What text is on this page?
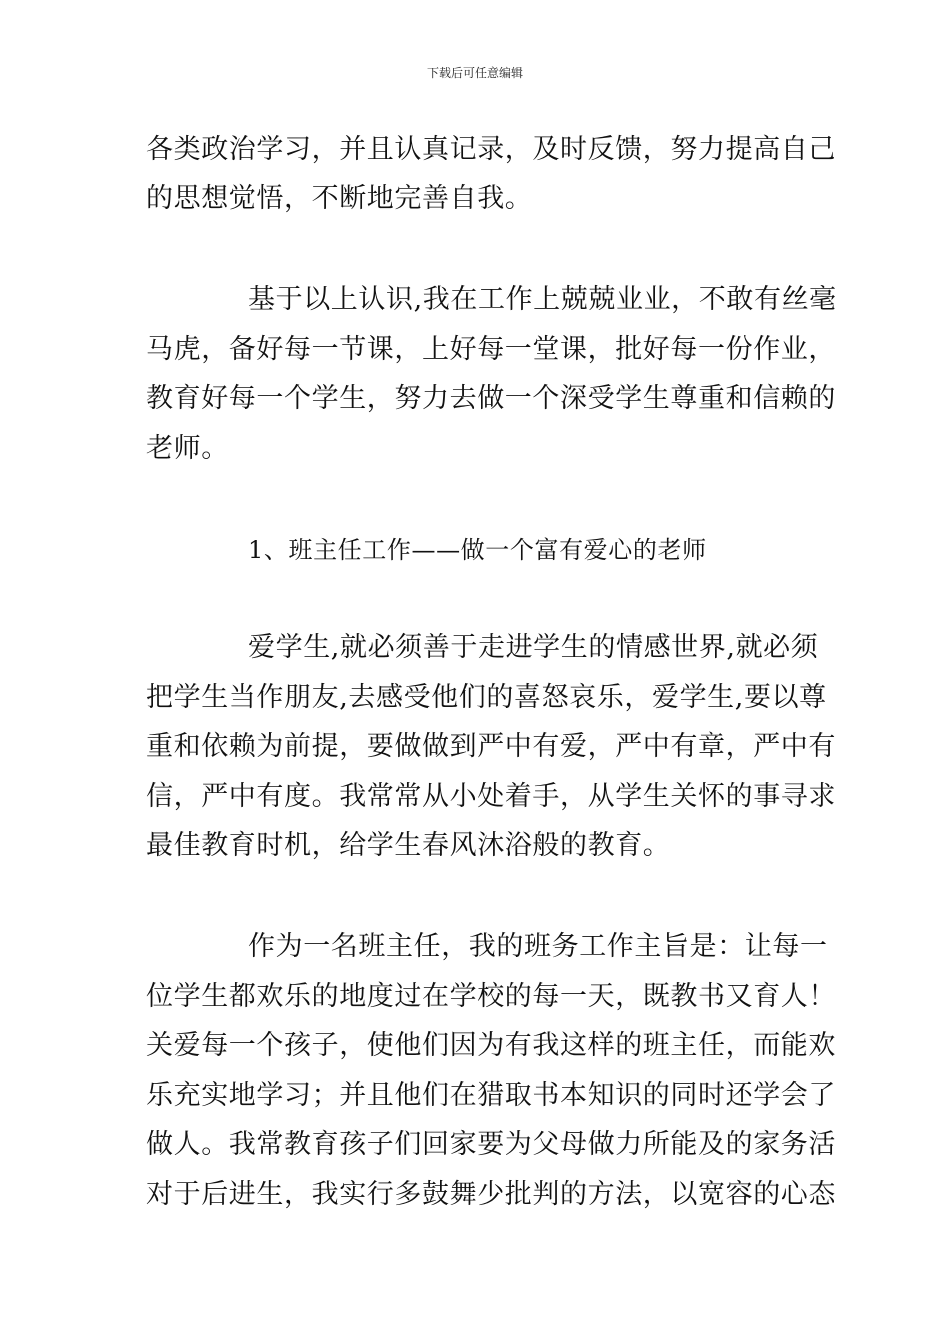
下载后可任意编辑
各类政治学习，并且认真记录，及时反馈，努力提高自己
的思想觉悟，不断地完善自我。
基于以上认识,我在工作上兢兢业业，不敢有丝毫
马虎，备好每一节课，上好每一堂课，批好每一份作业，
教育好每一个学生，努力去做一个深受学生尊重和信赖的
老师。
1、班主任工作——做一个富有爱心的老师
爱学生,就必须善于走进学生的情感世界,就必须
把学生当作朋友,去感受他们的喜怒哀乐，爱学生,要以尊
重和依赖为前提，要做做到严中有爱，严中有章，严中有
信，严中有度。我常常从小处着手，从学生关怀的事寻求
最佳教育时机，给学生春风沐浴般的教育。
作为一名班主任，我的班务工作主旨是：让每一
位学生都欢乐的地度过在学校的每一天，既教书又育人！
关爱每一个孩子，使他们因为有我这样的班主任，而能欢
乐充实地学习；并且他们在猎取书本知识的同时还学会了
做人。我常教育孩子们回家要为父母做力所能及的家务活
对于后进生，我实行多鼓舞少批判的方法，以宽容的心态
